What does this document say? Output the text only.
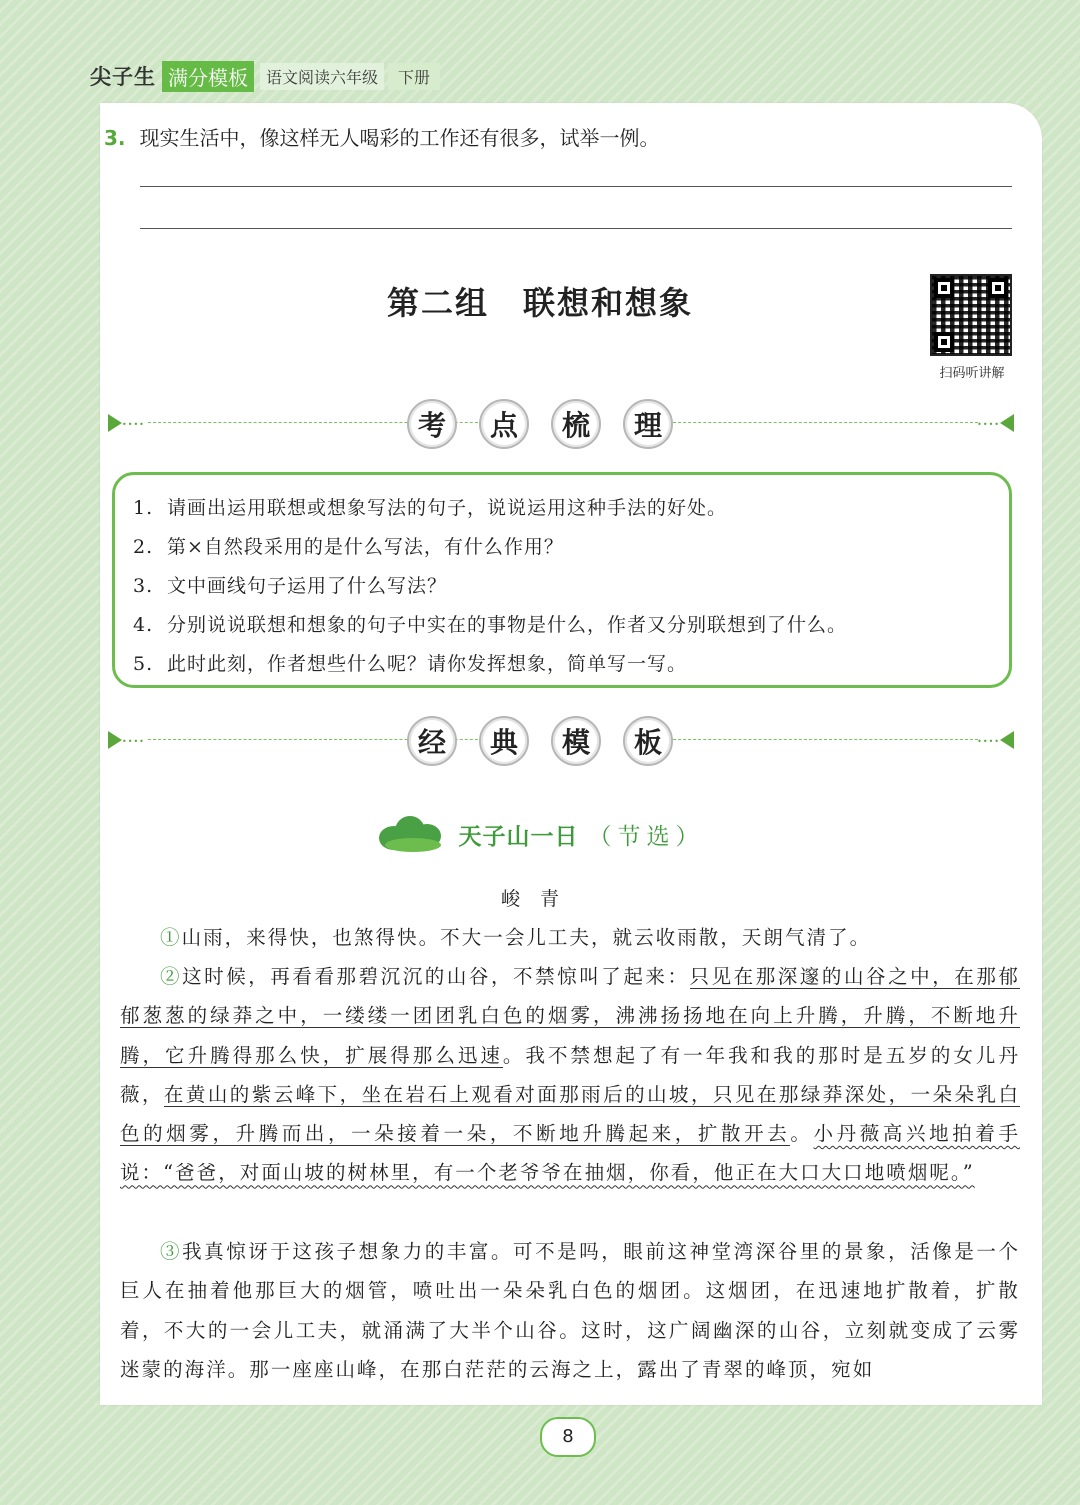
尖子生 满分模板	语文阅读六年级	下册
3. 现实生活中，像这样无人喝彩的工作还有很多，试举一例。
第二组　联想和想象
扫码听讲解
••••	••••
考	点	梳	理
1. 请画出运用联想或想象写法的句子，说说运用这种手法的好处。
2. 第×自然段采用的是什么写法，有什么作用？
3. 文中画线句子运用了什么写法？
4. 分别说说联想和想象的句子中实在的事物是什么，作者又分别联想到了什么。
5. 此时此刻，作者想些什么呢？请你发挥想象，简单写一写。
••••	••••
经	典	模	板
天子山一日 （节选）
峻青
①山雨，来得快，也煞得快。不大一会儿工夫，就云收雨散，天朗气清了。
②这时候，再看看那碧沉沉的山谷，不禁惊叫了起来：只见在那深邃的山谷之中，在那郁郁葱葱的绿莽之中，一缕缕一团团乳白色的烟雾，沸沸扬扬地在向上升腾，升腾，不断地升腾，它升腾得那么快，扩展得那么迅速。我不禁想起了有一年我和我的那时是五岁的女儿丹薇，在黄山的紫云峰下，坐在岩石上观看对面那雨后的山坡，只见在那绿莽深处，一朵朵乳白色的烟雾，升腾而出，一朵接着一朵，不断地升腾起来，扩散开去。小丹薇高兴地拍着手说：“爸爸，对面山坡的树林里，有一个老爷爷在抽烟，你看，他正在大口大口地喷烟呢。”
③我真惊讶于这孩子想象力的丰富。可不是吗，眼前这神堂湾深谷里的景象，活像是一个巨人在抽着他那巨大的烟管，喷吐出一朵朵乳白色的烟团。这烟团，在迅速地扩散着，扩散着，不大的一会儿工夫，就涌满了大半个山谷。这时，这广阔幽深的山谷，立刻就变成了云雾迷蒙的海洋。那一座座山峰，在那白茫茫的云海之上，露出了青翠的峰顶，宛如
8
